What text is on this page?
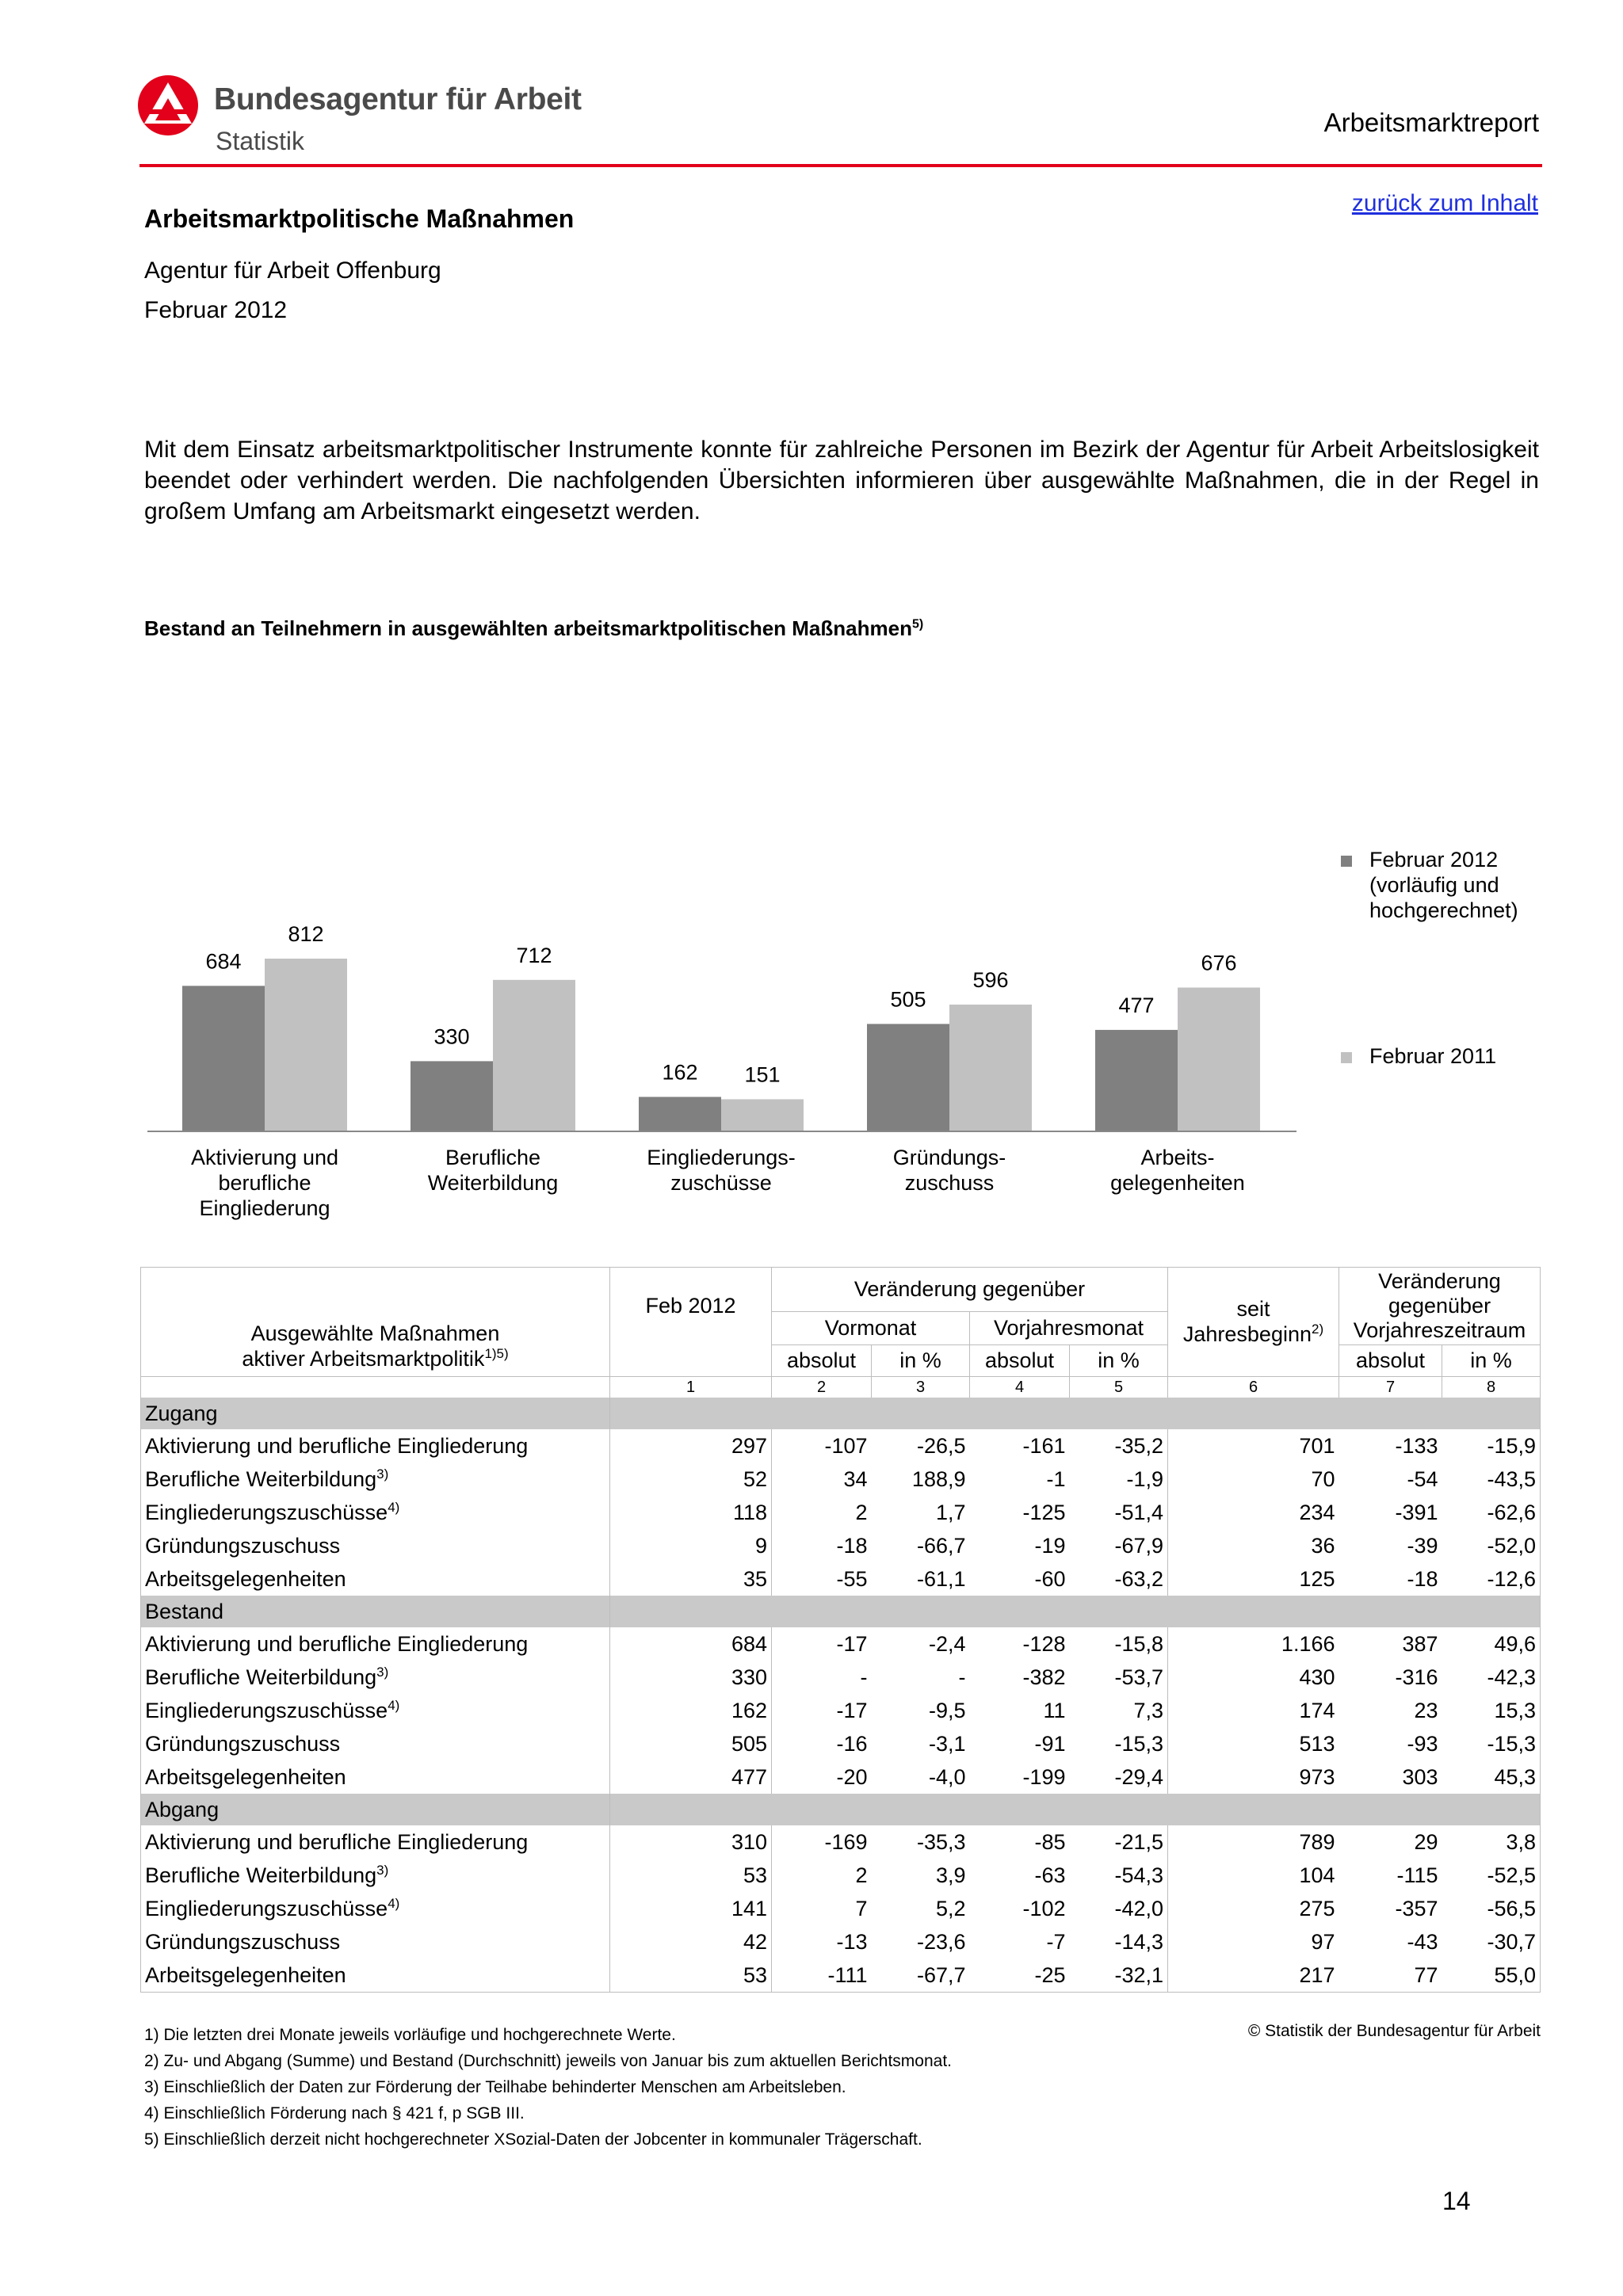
Bundesagentur für Arbeit
Statistik
Arbeitsmarktreport
zurück zum Inhalt
Arbeitsmarktpolitische Maßnahmen
Agentur für Arbeit Offenburg
Februar 2012
Mit dem Einsatz arbeitsmarktpolitischer Instrumente konnte für zahlreiche Personen im Bezirk der Agentur für Arbeit Arbeitslosigkeit beendet oder verhindert werden. Die nachfolgenden Übersichten informieren über ausgewählte Maßnahmen, die in der Regel in großem Umfang am Arbeitsmarkt eingesetzt werden.
Bestand an Teilnehmern in ausgewählten arbeitsmarktpolitischen Maßnahmen$^{5)}$
684
330
162
505	477
812
712
151
596
676
Aktivierung und
berufliche
Eingliederung
Berufliche
Weiterbildung
Eingliederungs-
zuschüsse
Gründungs-
zuschuss
Arbeits-
gelegenheiten
Februar 2012
(vorläufig und
hochgerechnet)
Februar 2011

Ausgewählte Maßnahmen
aktiver Arbeitsmarktpolitik$^{1)5)}$	Feb 2012	Veränderung gegenüber				seit
Jahresbeginn$^{2)}$	Veränderung
gegenüber
Vorjahreszeitraum	
		Vormonat		Vorjahresmonat				
		absolut	in %	absolut	in %		absolut	in %
	1	2	3	4	5	6	7	8
Zugang								
Aktivierung und berufliche Eingliederung	297	-107	-26,5	-161	-35,2	701	-133	-15,9
Berufliche Weiterbildung$^{3)}$	52	34	188,9	-1	-1,9	70	-54	-43,5
Eingliederungszuschüsse$^{4)}$	118	2	1,7	-125	-51,4	234	-391	-62,6
Gründungszuschuss	9	-18	-66,7	-19	-67,9	36	-39	-52,0
Arbeitsgelegenheiten	35	-55	-61,1	-60	-63,2	125	-18	-12,6
Bestand								
Aktivierung und berufliche Eingliederung	684	-17	-2,4	-128	-15,8	1.166	387	49,6
Berufliche Weiterbildung$^{3)}$	330	-	-	-382	-53,7	430	-316	-42,3
Eingliederungszuschüsse$^{4)}$	162	-17	-9,5	11	7,3	174	23	15,3
Gründungszuschuss	505	-16	-3,1	-91	-15,3	513	-93	-15,3
Arbeitsgelegenheiten	477	-20	-4,0	-199	-29,4	973	303	45,3
Abgang								
Aktivierung und berufliche Eingliederung	310	-169	-35,3	-85	-21,5	789	29	3,8
Berufliche Weiterbildung$^{3)}$	53	2	3,9	-63	-54,3	104	-115	-52,5
Eingliederungszuschüsse$^{4)}$	141	7	5,2	-102	-42,0	275	-357	-56,5
Gründungszuschuss	42	-13	-23,6	-7	-14,3	97	-43	-30,7
Arbeitsgelegenheiten	53	-111	-67,7	-25	-32,1	217	77	55,0
1) Die letzten drei Monate jeweils vorläufige und hochgerechnete Werte.
2) Zu- und Abgang (Summe) und Bestand (Durchschnitt) jeweils von Januar bis zum aktuellen Berichtsmonat.
3) Einschließlich der Daten zur Förderung der Teilhabe behinderter Menschen am Arbeitsleben.
4) Einschließlich Förderung nach § 421 f, p SGB III.
5) Einschließlich derzeit nicht hochgerechneter XSozial-Daten der Jobcenter in kommunaler Trägerschaft.
© Statistik der Bundesagentur für Arbeit
14
